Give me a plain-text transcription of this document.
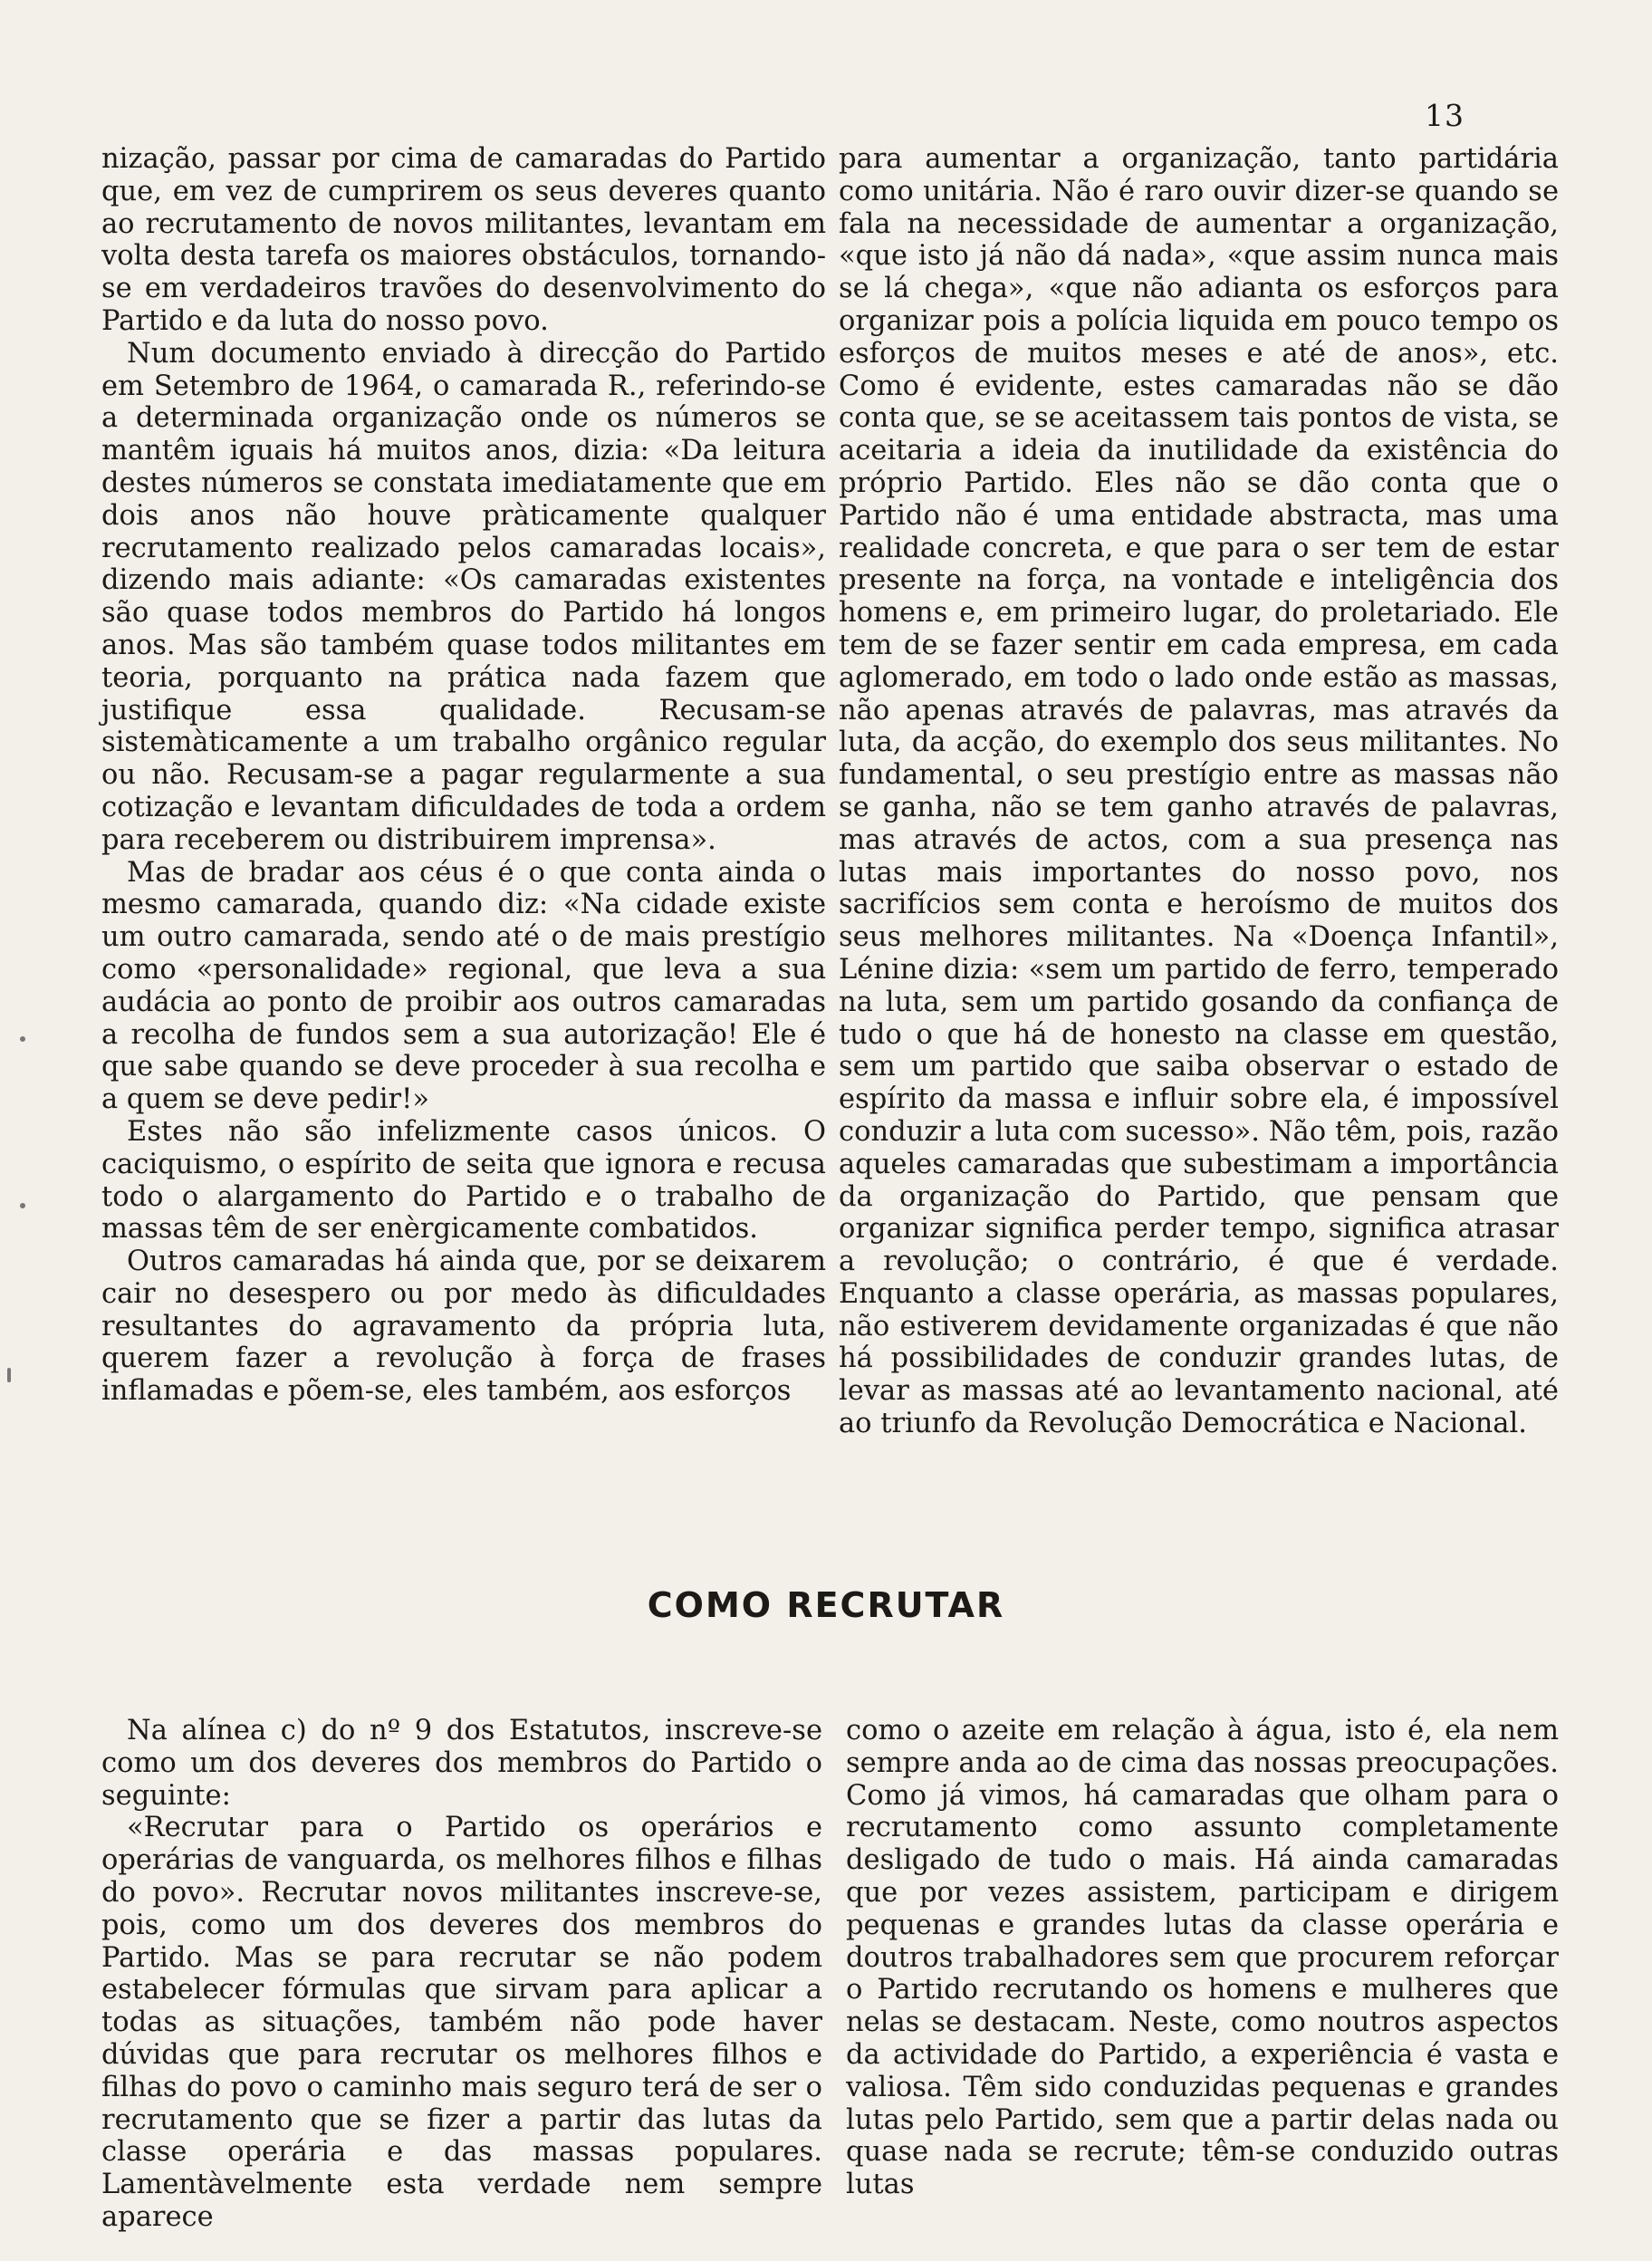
13

nização, passar por cima de camaradas do Partido que, em vez de cumprirem os seus deveres quanto ao recrutamento de novos militantes, levantam em volta desta tarefa os maiores obstáculos, tornando-se em verdadeiros travões do desenvolvimento do Partido e da luta do nosso povo.

Num documento enviado à direcção do Partido em Setembro de 1964, o camarada R., referindo-se a determinada organização onde os números se mantêm iguais há muitos anos, dizia: «Da leitura destes números se constata imediatamente que em dois anos não houve pràticamente qualquer recrutamento realizado pelos camaradas locais», dizendo mais adiante: «Os camaradas existentes são quase todos membros do Partido há longos anos. Mas são também quase todos militantes em teoria, porquanto na prática nada fazem que justifique essa qualidade. Recusam-se sistemàticamente a um trabalho orgânico regular ou não. Recusam-se a pagar regularmente a sua cotização e levantam dificuldades de toda a ordem para receberem ou distribuirem imprensa».

Mas de bradar aos céus é o que conta ainda o mesmo camarada, quando diz: «Na cidade existe um outro camarada, sendo até o de mais prestígio como «personalidade» regional, que leva a sua audácia ao ponto de proibir aos outros camaradas a recolha de fundos sem a sua autorização! Ele é que sabe quando se deve proceder à sua recolha e a quem se deve pedir!»

Estes não são infelizmente casos únicos. O caciquismo, o espírito de seita que ignora e recusa todo o alargamento do Partido e o trabalho de massas têm de ser enèrgicamente combatidos.

Outros camaradas há ainda que, por se deixarem cair no desespero ou por medo às dificuldades resultantes do agravamento da própria luta, querem fazer a revolução à força de frases inflamadas e põem-se, eles também, aos esforços

para aumentar a organização, tanto partidária como unitária. Não é raro ouvir dizer-se quando se fala na necessidade de aumentar a organização, «que isto já não dá nada», «que assim nunca mais se lá chega», «que não adianta os esforços para organizar pois a polícia liquida em pouco tempo os esforços de muitos meses e até de anos», etc. Como é evidente, estes camaradas não se dão conta que, se se aceitassem tais pontos de vista, se aceitaria a ideia da inutilidade da existência do próprio Partido. Eles não se dão conta que o Partido não é uma entidade abstracta, mas uma realidade concreta, e que para o ser tem de estar presente na força, na vontade e inteligência dos homens e, em primeiro lugar, do proletariado. Ele tem de se fazer sentir em cada empresa, em cada aglomerado, em todo o lado onde estão as massas, não apenas através de palavras, mas através da luta, da acção, do exemplo dos seus militantes. No fundamental, o seu prestígio entre as massas não se ganha, não se tem ganho através de palavras, mas através de actos, com a sua presença nas lutas mais importantes do nosso povo, nos sacrifícios sem conta e heroísmo de muitos dos seus melhores militantes. Na «Doença Infantil», Lénine dizia: «sem um partido de ferro, temperado na luta, sem um partido gosando da confiança de tudo o que há de honesto na classe em questão, sem um partido que saiba observar o estado de espírito da massa e influir sobre ela, é impossível conduzir a luta com sucesso». Não têm, pois, razão aqueles camaradas que subestimam a importância da organização do Partido, que pensam que organizar significa perder tempo, significa atrasar a revolução; o contrário, é que é verdade. Enquanto a classe operária, as massas populares, não estiverem devidamente organizadas é que não há possibilidades de conduzir grandes lutas, de levar as massas até ao levantamento nacional, até ao triunfo da Revolução Democrática e Nacional.

COMO RECRUTAR

Na alínea c) do nº 9 dos Estatutos, inscreve-se como um dos deveres dos membros do Partido o seguinte:

«Recrutar para o Partido os operários e operárias de vanguarda, os melhores filhos e filhas do povo». Recrutar novos militantes inscreve-se, pois, como um dos deveres dos membros do Partido. Mas se para recrutar se não podem estabelecer fórmulas que sirvam para aplicar a todas as situações, também não pode haver dúvidas que para recrutar os melhores filhos e filhas do povo o caminho mais seguro terá de ser o recrutamento que se fizer a partir das lutas da classe operária e das massas populares. Lamentàvelmente esta verdade nem sempre aparece

como o azeite em relação à água, isto é, ela nem sempre anda ao de cima das nossas preocupações. Como já vimos, há camaradas que olham para o recrutamento como assunto completamente desligado de tudo o mais. Há ainda camaradas que por vezes assistem, participam e dirigem pequenas e grandes lutas da classe operária e doutros trabalhadores sem que procurem reforçar o Partido recrutando os homens e mulheres que nelas se destacam. Neste, como noutros aspectos da actividade do Partido, a experiência é vasta e valiosa. Têm sido conduzidas pequenas e grandes lutas pelo Partido, sem que a partir delas nada ou quase nada se recrute; têm-se conduzido outras lutas
